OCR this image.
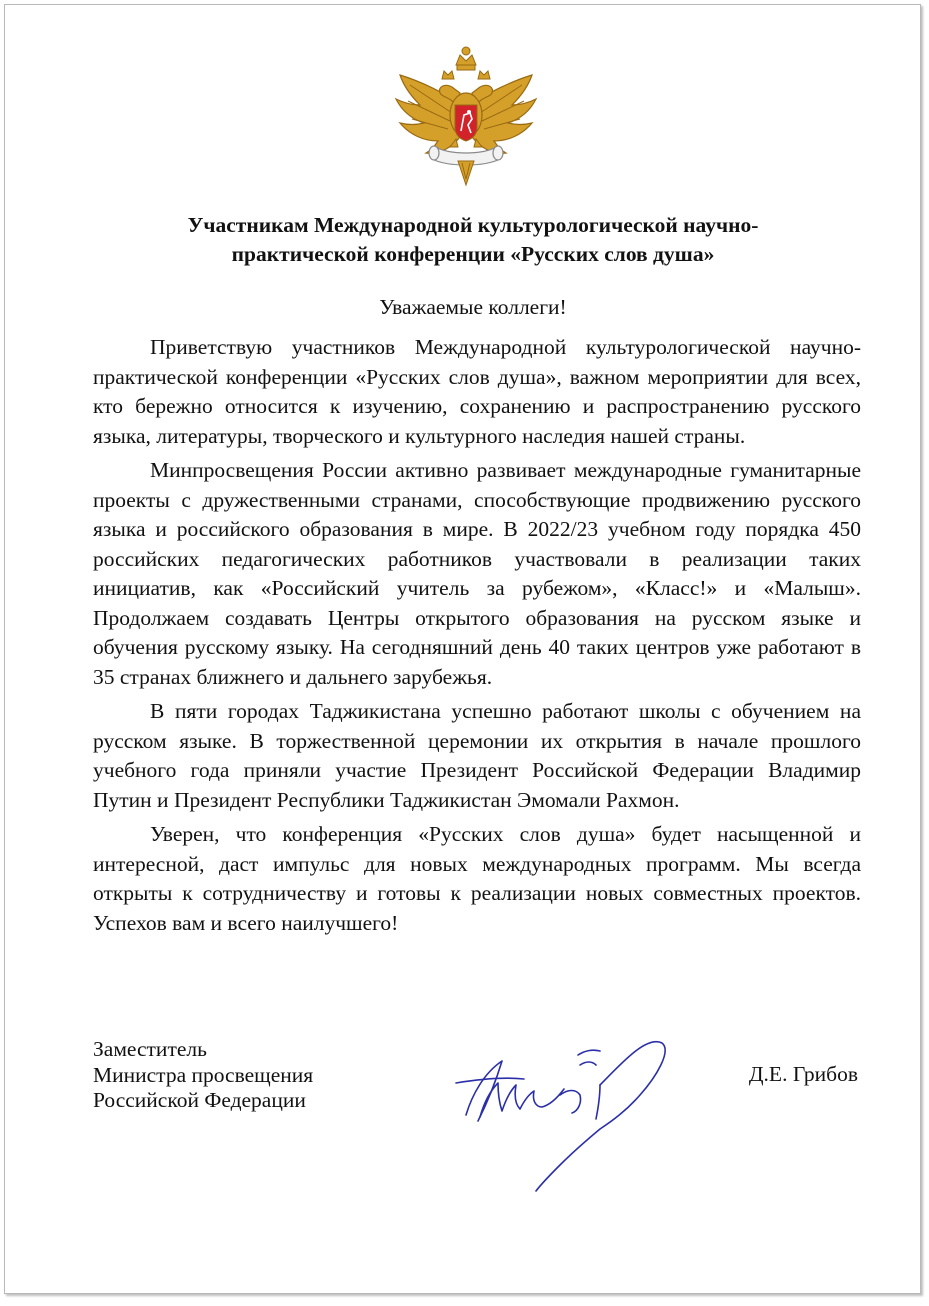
Участникам Международной культурологической научно-
практической конференции «Русских слов душа»
Уважаемые коллеги!

Приветствую участников Международной культурологической научно-практической конференции «Русских слов душа», важном мероприятии для всех, кто бережно относится к изучению, сохранению и распространению русского языка, литературы, творческого и культурного наследия нашей страны.

Минпросвещения России активно развивает международные гуманитарные проекты с дружественными странами, способствующие продвижению русского языка и российского образования в мире. В 2022/23 учебном году порядка 450 российских педагогических работников участвовали в реализации таких инициатив, как «Российский учитель за рубежом», «Класс!» и «Малыш». Продолжаем создавать Центры открытого образования на русском языке и обучения русскому языку. На сегодняшний день 40 таких центров уже работают в 35 странах ближнего и дальнего зарубежья.

В пяти городах Таджикистана успешно работают школы с обучением на русском языке. В торжественной церемонии их открытия в начале прошлого учебного года приняли участие Президент Российской Федерации Владимир Путин и Президент Республики Таджикистан Эмомали Рахмон.

Уверен, что конференция «Русских слов душа» будет насыщенной и интересной, даст импульс для новых международных программ. Мы всегда открыты к сотрудничеству и готовы к реализации новых совместных проектов. Успехов вам и всего наилучшего!

Заместитель
Министра просвещения
Российской Федерации
Д.Е. Грибов
